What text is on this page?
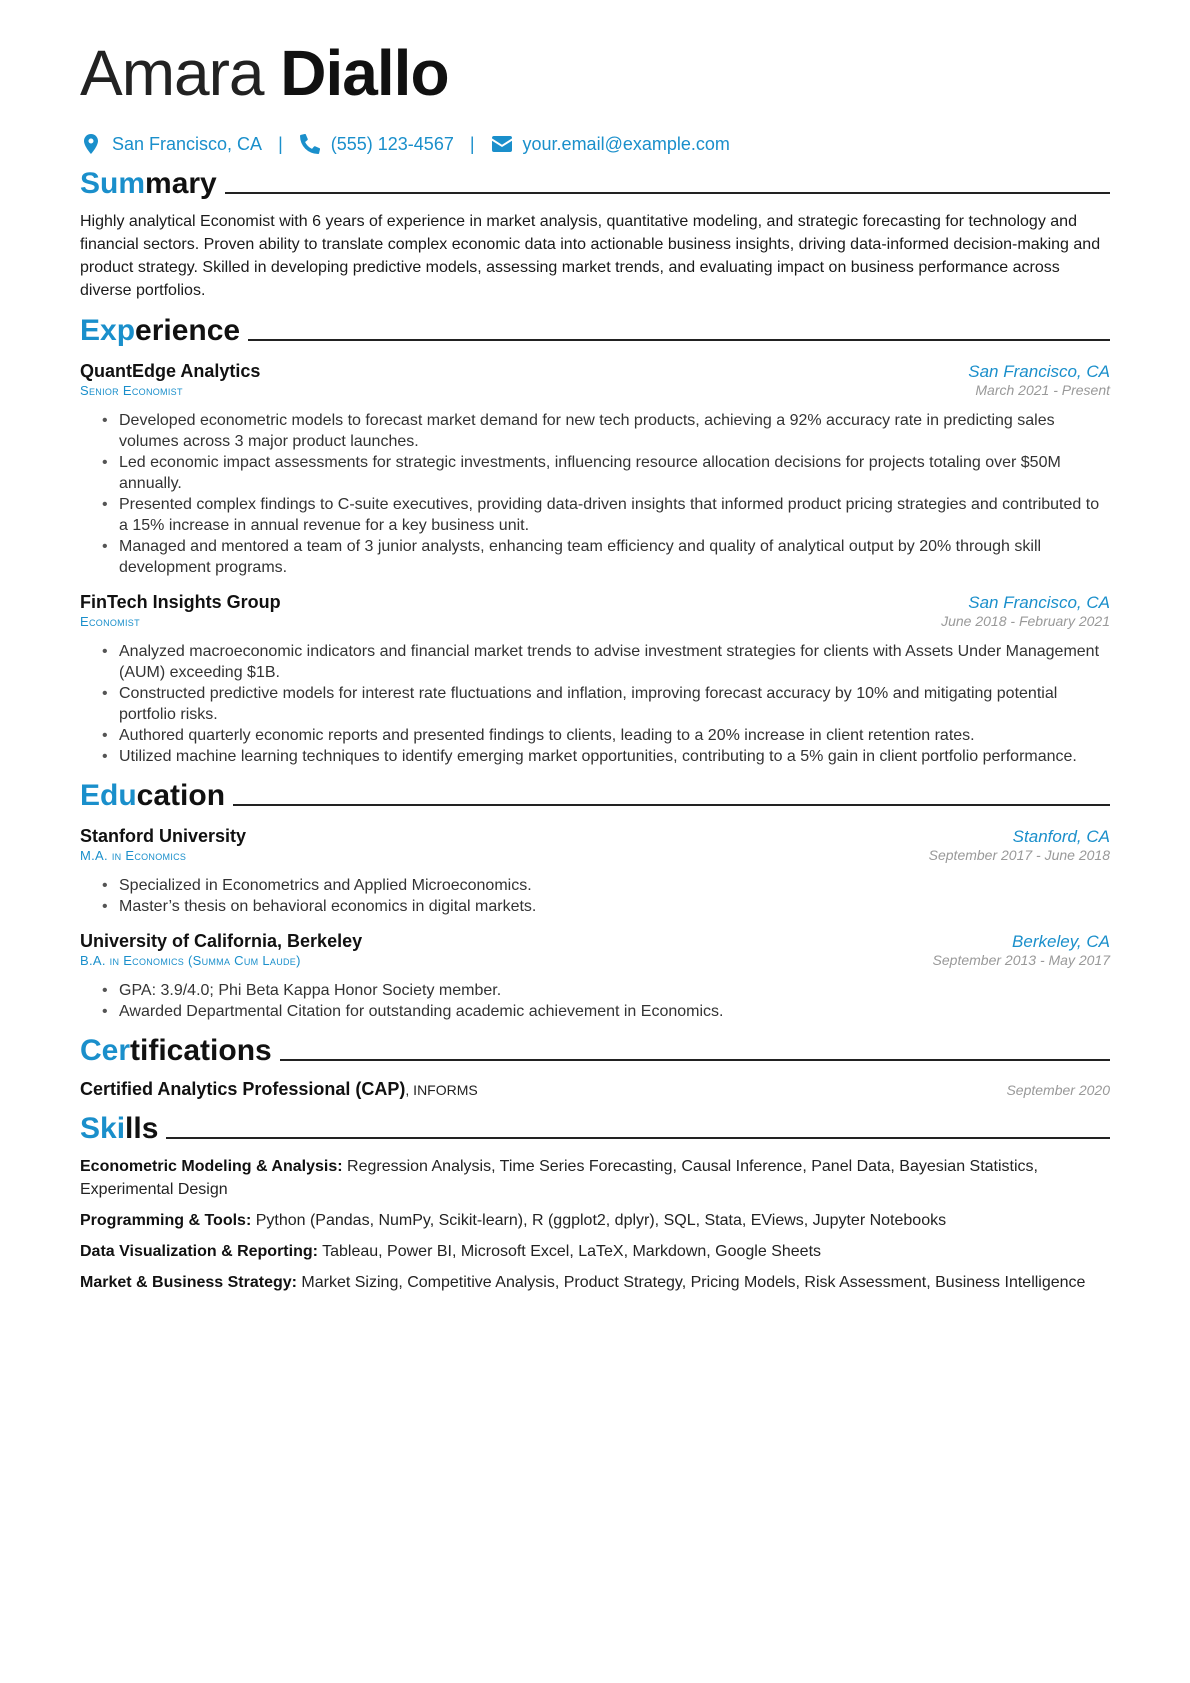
Amara Diallo
San Francisco, CA |	(555) 123-4567 |	your.email@example.com
Summary

Highly analytical Economist with 6 years of experience in market analysis, quantitative modeling, and strategic forecasting for technology and financial sectors. Proven ability to translate complex economic data into actionable business insights, driving data-informed decision-making and product strategy. Skilled in developing predictive models, assessing market trends, and evaluating impact on business performance across diverse portfolios.

Experience
QuantEdge Analytics	San Francisco, CA
Senior Economist	March 2021 - Present
• Developed econometric models to forecast market demand for new tech products, achieving a 92% accuracy rate in predicting sales volumes across 3 major product launches.
• Led economic impact assessments for strategic investments, influencing resource allocation decisions for projects totaling over $50M annually.
• Presented complex findings to C-suite executives, providing data-driven insights that informed product pricing strategies and contributed to a 15% increase in annual revenue for a key business unit.
• Managed and mentored a team of 3 junior analysts, enhancing team efficiency and quality of analytical output by 20% through skill development programs.
FinTech Insights Group	San Francisco, CA
Economist	June 2018 - February 2021
• Analyzed macroeconomic indicators and financial market trends to advise investment strategies for clients with Assets Under Management (AUM) exceeding $1B.
• Constructed predictive models for interest rate fluctuations and inflation, improving forecast accuracy by 10% and mitigating potential portfolio risks.
• Authored quarterly economic reports and presented findings to clients, leading to a 20% increase in client retention rates.
• Utilized machine learning techniques to identify emerging market opportunities, contributing to a 5% gain in client portfolio performance.
Education
Stanford University	Stanford, CA
M.A. in Economics	September 2017 - June 2018
• Specialized in Econometrics and Applied Microeconomics.
• Master’s thesis on behavioral economics in digital markets.
University of California, Berkeley	Berkeley, CA
B.A. in Economics (Summa Cum Laude)	September 2013 - May 2017
• GPA: 3.9/4.0; Phi Beta Kappa Honor Society member.
• Awarded Departmental Citation for outstanding academic achievement in Economics.
Certifications
Certified Analytics Professional (CAP), INFORMS	September 2020
Skills

Econometric Modeling & Analysis: Regression Analysis, Time Series Forecasting, Causal Inference, Panel Data, Bayesian Statistics, Experimental Design

Programming & Tools: Python (Pandas, NumPy, Scikit-learn), R (ggplot2, dplyr), SQL, Stata, EViews, Jupyter Notebooks

Data Visualization & Reporting: Tableau, Power BI, Microsoft Excel, LaTeX, Markdown, Google Sheets

Market & Business Strategy: Market Sizing, Competitive Analysis, Product Strategy, Pricing Models, Risk Assessment, Business Intelligence
